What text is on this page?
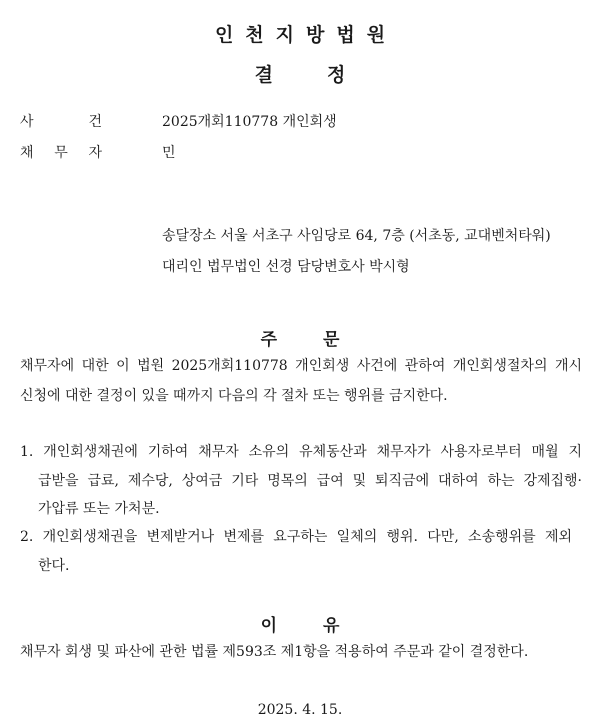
인천지방법원
결	정
사	건	2025개회110778 개인회생
채 무 자	민
송달장소 서울 서초구 사임당로 64, 7층 (서초동, 교대벤처타워)
대리인 법무법인 선경 담당변호사 박시형
주	문
채무자에 대한 이 법원 2025개회110778 개인회생 사건에 관하여 개인회생절차의 개시
신청에 대한 결정이 있을 때까지 다음의 각 절차 또는 행위를 금지한다.
1. 개인회생채권에 기하여 채무자 소유의 유체동산과 채무자가 사용자로부터 매월 지
급받을 급료, 제수당, 상여금 기타 명목의 급여 및 퇴직금에 대하여 하는 강제집행·
가압류 또는 가처분.
2. 개인회생채권을 변제받거나 변제를 요구하는 일체의 행위. 다만, 소송행위를 제외
한다.
이	유
채무자 회생 및 파산에 관한 법률 제593조 제1항을 적용하여 주문과 같이 결정한다.
2025. 4. 15.
